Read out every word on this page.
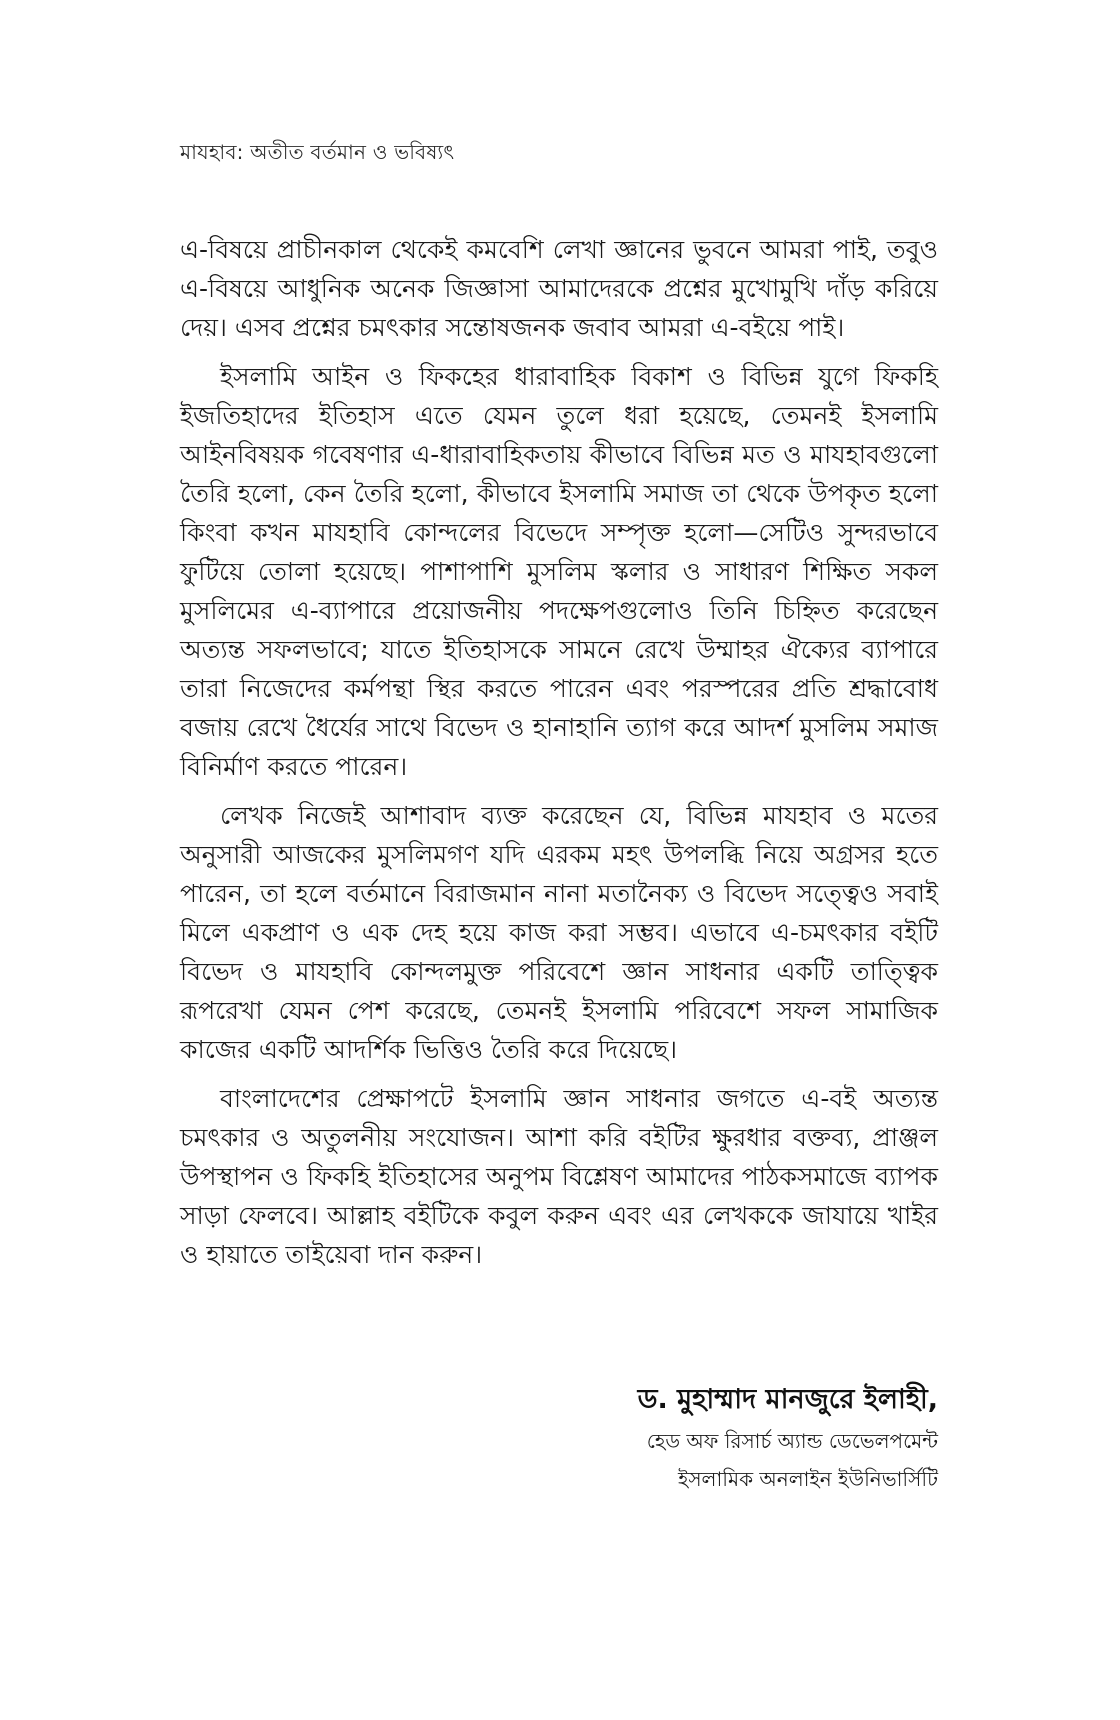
মাযহাব: অতীত বর্তমান ও ভবিষ্যৎ

এ-বিষয়ে প্রাচীনকাল থেকেই কমবেশি লেখা জ্ঞানের ভুবনে আমরা পাই, তবুও এ-বিষয়ে আধুনিক অনেক জিজ্ঞাসা আমাদেরকে প্রশ্নের মুখোমুখি দাঁড় করিয়ে দেয়। এসব প্রশ্নের চমৎকার সন্তোষজনক জবাব আমরা এ-বইয়ে পাই।

ইসলামি আইন ও ফিকহের ধারাবাহিক বিকাশ ও বিভিন্ন যুগে ফিকহি ইজতিহাদের ইতিহাস এতে যেমন তুলে ধরা হয়েছে, তেমনই ইসলামি আইনবিষয়ক গবেষণার এ-ধারাবাহিকতায় কীভাবে বিভিন্ন মত ও মাযহাবগুলো তৈরি হলো, কেন তৈরি হলো, কীভাবে ইসলামি সমাজ তা থেকে উপকৃত হলো কিংবা কখন মাযহাবি কোন্দলের বিভেদে সম্পৃক্ত হলো—সেটিও সুন্দরভাবে ফুটিয়ে তোলা হয়েছে। পাশাপাশি মুসলিম স্কলার ও সাধারণ শিক্ষিত সকল মুসলিমের এ-ব্যাপারে প্রয়োজনীয় পদক্ষেপগুলোও তিনি চিহ্নিত করেছেন অত্যন্ত সফলভাবে; যাতে ইতিহাসকে সামনে রেখে উম্মাহর ঐক্যের ব্যাপারে তারা নিজেদের কর্মপন্থা স্থির করতে পারেন এবং পরস্পরের প্রতি শ্রদ্ধাবোধ বজায় রেখে ধৈর্যের সাথে বিভেদ ও হানাহানি ত্যাগ করে আদর্শ মুসলিম সমাজ বিনির্মাণ করতে পারেন।

লেখক নিজেই আশাবাদ ব্যক্ত করেছেন যে, বিভিন্ন মাযহাব ও মতের অনুসারী আজকের মুসলিমগণ যদি এরকম মহৎ উপলব্ধি নিয়ে অগ্রসর হতে পারেন, তা হলে বর্তমানে বিরাজমান নানা মতানৈক্য ও বিভেদ সত্ত্বেও সবাই মিলে একপ্রাণ ও এক দেহ হয়ে কাজ করা সম্ভব। এভাবে এ-চমৎকার বইটি বিভেদ ও মাযহাবি কোন্দলমুক্ত পরিবেশে জ্ঞান সাধনার একটি তাত্ত্বিক রূপরেখা যেমন পেশ করেছে, তেমনই ইসলামি পরিবেশে সফল সামাজিক কাজের একটি আদর্শিক ভিত্তিও তৈরি করে দিয়েছে।

বাংলাদেশের প্রেক্ষাপটে ইসলামি জ্ঞান সাধনার জগতে এ-বই অত্যন্ত চমৎকার ও অতুলনীয় সংযোজন। আশা করি বইটির ক্ষুরধার বক্তব্য, প্রাঞ্জল উপস্থাপন ও ফিকহি ইতিহাসের অনুপম বিশ্লেষণ আমাদের পাঠকসমাজে ব্যাপক সাড়া ফেলবে। আল্লাহ বইটিকে কবুল করুন এবং এর লেখককে জাযায়ে খাইর ও হায়াতে তাইয়েবা দান করুন।

ড. মুহাম্মাদ মানজুরে ইলাহী,
হেড অফ রিসার্চ অ্যান্ড ডেভেলপমেন্ট
ইসলামিক অনলাইন ইউনিভার্সিটি
